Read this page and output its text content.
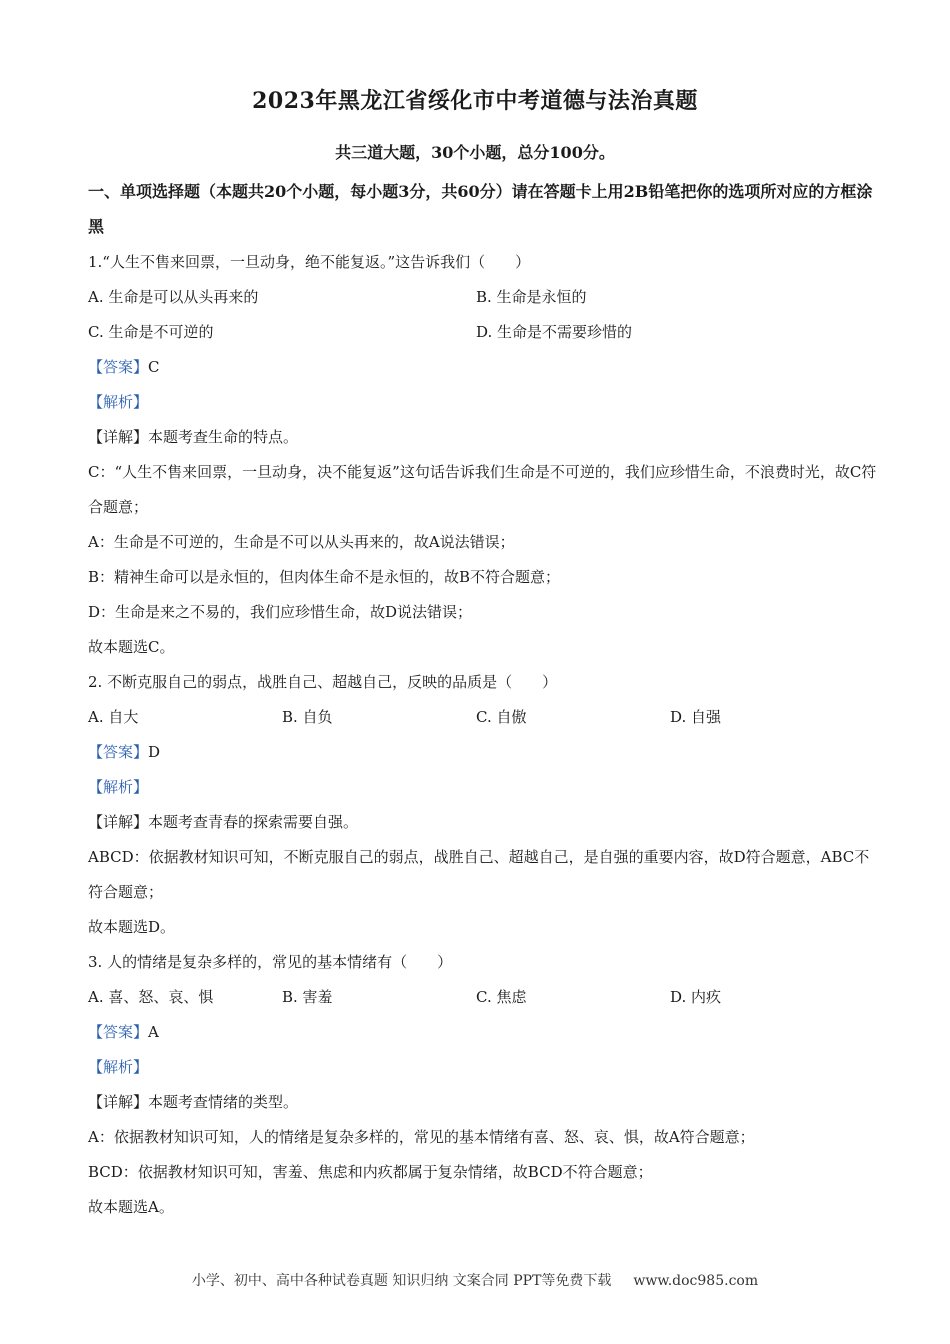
2023年黑龙江省绥化市中考道德与法治真题
共三道大题，30个小题，总分100分。
一、单项选择题（本题共20个小题，每小题3分，共60分）请在答题卡上用2B铅笔把你的选项所对应的方框涂黑
1.“人生不售来回票，一旦动身，绝不能复返。”这告诉我们（　　）
A. 生命是可以从头再来的	B. 生命是永恒的
C. 生命是不可逆的	D. 生命是不需要珍惜的
【答案】C
【解析】
【详解】本题考查生命的特点。
C：“人生不售来回票，一旦动身，决不能复返”这句话告诉我们生命是不可逆的，我们应珍惜生命，不浪费时光，故C符合题意；
A：生命是不可逆的，生命是不可以从头再来的，故A说法错误；
B：精神生命可以是永恒的，但肉体生命不是永恒的，故B不符合题意；
D：生命是来之不易的，我们应珍惜生命，故D说法错误；
故本题选C。
2. 不断克服自己的弱点，战胜自己、超越自己，反映的品质是（　　）
A. 自大	B. 自负	C. 自傲	D. 自强
【答案】D
【解析】
【详解】本题考查青春的探索需要自强。
ABCD：依据教材知识可知，不断克服自己的弱点，战胜自己、超越自己，是自强的重要内容，故D符合题意，ABC不符合题意；
故本题选D。
3. 人的情绪是复杂多样的，常见的基本情绪有（　　）
A. 喜、怒、哀、惧	B. 害羞	C. 焦虑	D. 内疚
【答案】A
【解析】
【详解】本题考查情绪的类型。
A：依据教材知识可知，人的情绪是复杂多样的，常见的基本情绪有喜、怒、哀、惧，故A符合题意；
BCD：依据教材知识可知，害羞、焦虑和内疚都属于复杂情绪，故BCD不符合题意；
故本题选A。
小学、初中、高中各种试卷真题 知识归纳 文案合同 PPT等免费下载 www.doc985.com
